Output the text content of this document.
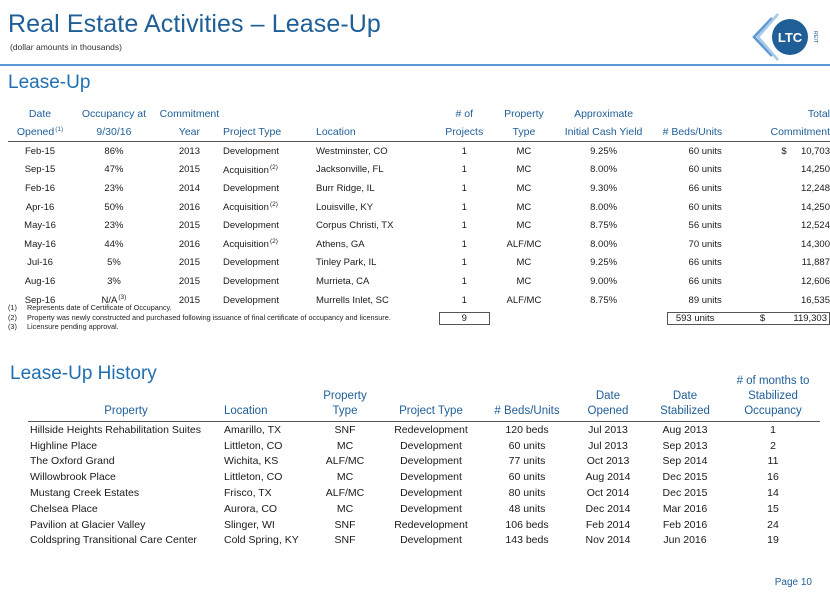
Real Estate Activities – Lease-Up
(dollar amounts in thousands)
LTC REIT
Lease-Up
Date	Occupancy at	Commitment			# of	Property	Approximate			Total
Opened$^{(1)}$	9/30/16	Year	Project Type	Location	Projects	Type	Initial Cash Yield	# Beds/Units	Commitment	
Feb-15	86%	2013	Development	Westminster, CO	1	MC	9.25%	60 units	$	10,703
Sep-15	47%	2015	Acquisition$^{(2)}$	Jacksonville, FL	1	MC	8.00%	60 units		14,250
Feb-16	23%	2014	Development	Burr Ridge, IL	1	MC	9.30%	66 units		12,248
Apr-16	50%	2016	Acquisition$^{(2)}$	Louisville, KY	1	MC	8.00%	60 units		14,250
May-16	23%	2015	Development	Corpus Christi, TX	1	MC	8.75%	56 units		12,524
May-16	44%	2016	Acquisition$^{(2)}$	Athens, GA	1	ALF/MC	8.00%	70 units		14,300
Jul-16	5%	2015	Development	Tinley Park, IL	1	MC	9.25%	66 units		11,887
Aug-16	3%	2015	Development	Murrieta, CA	1	MC	9.00%	66 units		12,606
Sep-16	$N/A^{(3)}$	2015	Development	Murrells Inlet, SC	1	ALF/MC	8.75%	89 units		16,535

					9			593 units $ 119,303		
(1) Represents date of Certificate of Occupancy.
(2) Property was newly constructed and purchased following issuance of final certificate of occupancy and licensure.
(3) Licensure pending approval.
Lease-Up History
Property	Location	Property
Type	Project Type	# Beds/Units	Date
Opened	Date
Stabilized	# of months to
Stabilized
Occupancy
Hillside Heights Rehabilitation Suites	Amarillo, TX	SNF	Redevelopment	120 beds	Jul 2013	Aug 2013	1
Highline Place	Littleton, CO	MC	Development	60 units	Jul 2013	Sep 2013	2
The Oxford Grand	Wichita, KS	ALF/MC	Development	77 units	Oct 2013	Sep 2014	11
Willowbrook Place	Littleton, CO	MC	Development	60 units	Aug 2014	Dec 2015	16
Mustang Creek Estates	Frisco, TX	ALF/MC	Development	80 units	Oct 2014	Dec 2015	14
Chelsea Place	Aurora, CO	MC	Development	48 units	Dec 2014	Mar 2016	15
Pavilion at Glacier Valley	Slinger, WI	SNF	Redevelopment	106 beds	Feb 2014	Feb 2016	24
Coldspring Transitional Care Center	Cold Spring, KY	SNF	Development	143 beds	Nov 2014	Jun 2016	19
Page 10
